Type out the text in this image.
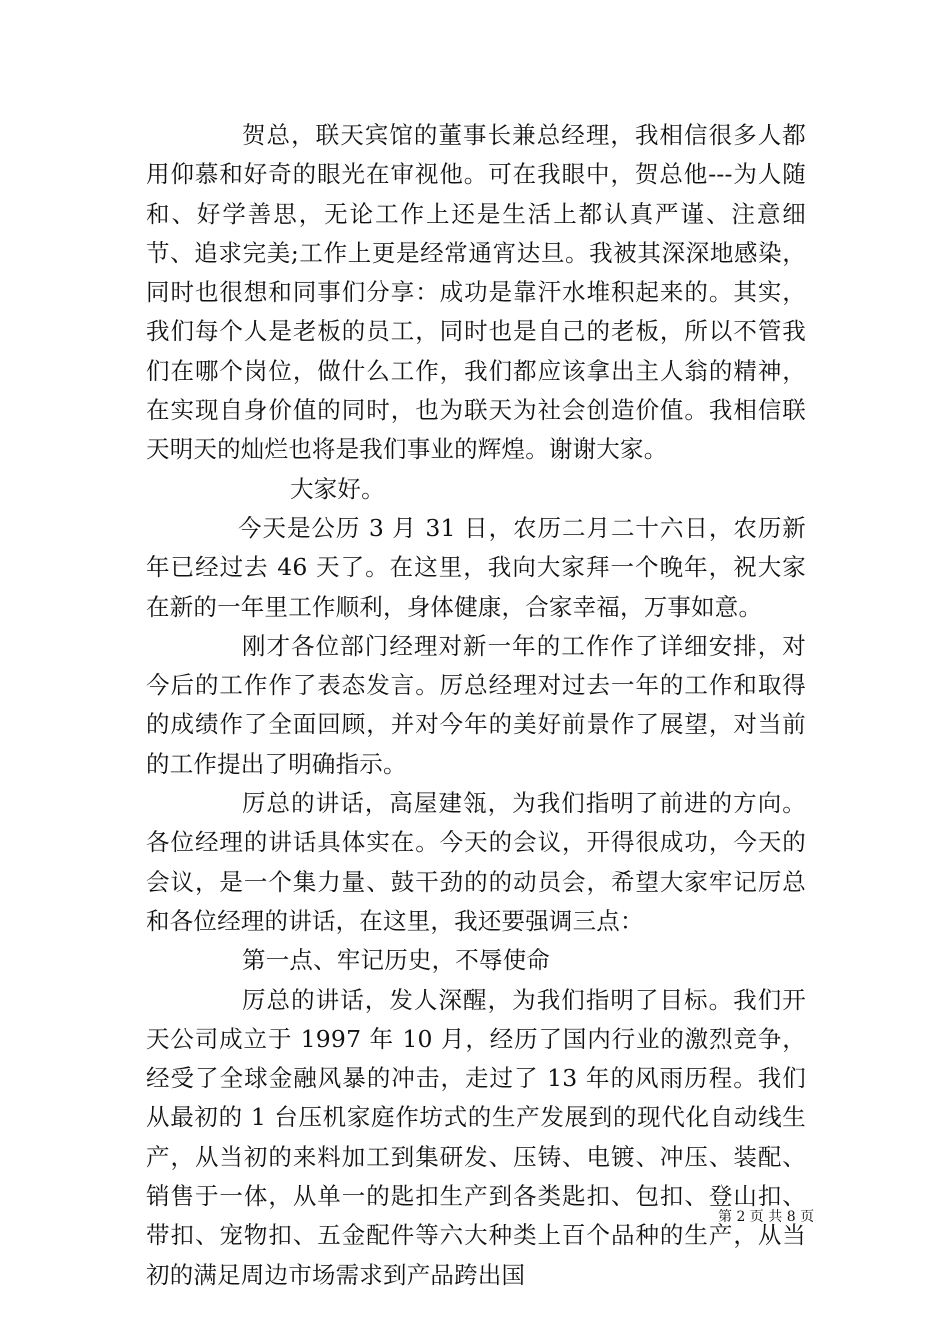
贺总，联天宾馆的董事长兼总经理，我相信很多人都用仰慕和好奇的眼光在审视他。可在我眼中，贺总他---为人随和、好学善思，无论工作上还是生活上都认真严谨、注意细节、追求完美;工作上更是经常通宵达旦。我被其深深地感染，同时也很想和同事们分享：成功是靠汗水堆积起来的。其实，我们每个人是老板的员工，同时也是自己的老板，所以不管我们在哪个岗位，做什么工作，我们都应该拿出主人翁的精神，在实现自身价值的同时，也为联天为社会创造价值。我相信联天明天的灿烂也将是我们事业的辉煌。谢谢大家。

大家好。

今天是公历 3 月 31 日，农历二月二十六日，农历新年已经过去 46 天了。在这里，我向大家拜一个晚年，祝大家在新的一年里工作顺利，身体健康，合家幸福，万事如意。

刚才各位部门经理对新一年的工作作了详细安排，对今后的工作作了表态发言。厉总经理对过去一年的工作和取得的成绩作了全面回顾，并对今年的美好前景作了展望，对当前的工作提出了明确指示。

厉总的讲话，高屋建瓴，为我们指明了前进的方向。各位经理的讲话具体实在。今天的会议，开得很成功，今天的会议，是一个集力量、鼓干劲的的动员会，希望大家牢记厉总和各位经理的讲话，在这里，我还要强调三点：

第一点、牢记历史，不辱使命

厉总的讲话，发人深醒，为我们指明了目标。我们开天公司成立于 1997 年 10 月，经历了国内行业的激烈竞争，经受了全球金融风暴的冲击，走过了 13 年的风雨历程。我们从最初的 1 台压机家庭作坊式的生产发展到的现代化自动线生产，从当初的来料加工到集研发、压铸、电镀、冲压、装配、销售于一体，从单一的匙扣生产到各类匙扣、包扣、登山扣、带扣、宠物扣、五金配件等六大种类上百个品种的生产，从当初的满足周边市场需求到产品跨出国

第 2 页 共 8 页
